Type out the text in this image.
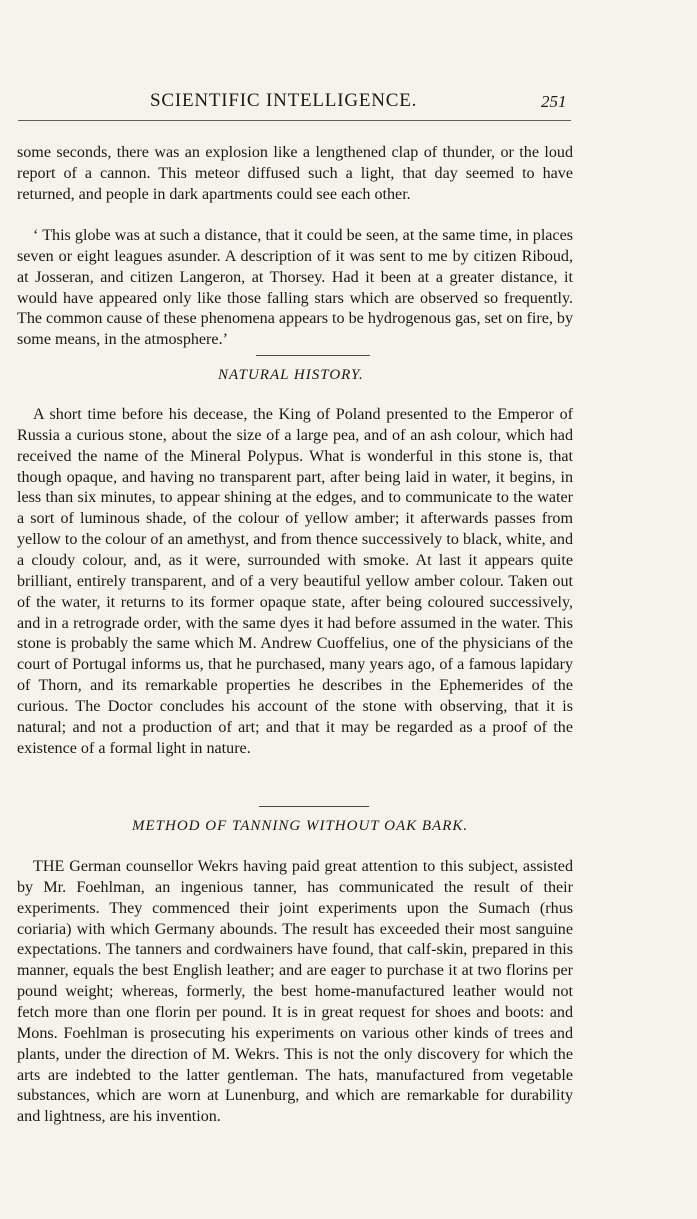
SCIENTIFIC INTELLIGENCE.	251

some seconds, there was an explosion like a lengthened clap of thunder, or the loud report of a cannon. This meteor diffused such a light, that day seemed to have returned, and people in dark apartments could see each other.

‘ This globe was at such a distance, that it could be seen, at the same time, in places seven or eight leagues asunder. A description of it was sent to me by citizen Riboud, at Josseran, and citizen Langeron, at Thorsey. Had it been at a greater distance, it would have appeared only like those falling stars which are observed so frequently. The common cause of these phenomena appears to be hydrogenous gas, set on fire, by some means, in the atmosphere.’

NATURAL HISTORY.

A short time before his decease, the King of Poland presented to the Emperor of Russia a curious stone, about the size of a large pea, and of an ash colour, which had received the name of the Mineral Polypus. What is wonderful in this stone is, that though opaque, and having no transparent part, after being laid in water, it begins, in less than six minutes, to appear shining at the edges, and to communicate to the water a sort of luminous shade, of the colour of yellow amber; it afterwards passes from yellow to the colour of an amethyst, and from thence successively to black, white, and a cloudy colour, and, as it were, surrounded with smoke. At last it appears quite brilliant, entirely transparent, and of a very beautiful yellow amber colour. Taken out of the water, it returns to its former opaque state, after being coloured successively, and in a retrograde order, with the same dyes it had before assumed in the water. This stone is probably the same which M. Andrew Cuoffelius, one of the physicians of the court of Portugal informs us, that he purchased, many years ago, of a famous lapidary of Thorn, and its remarkable properties he describes in the Ephemerides of the curious. The Doctor concludes his account of the stone with observing, that it is natural; and not a production of art; and that it may be regarded as a proof of the existence of a formal light in nature.

METHOD OF TANNING WITHOUT OAK BARK.

THE German counsellor Wekrs having paid great attention to this subject, assisted by Mr. Foehlman, an ingenious tanner, has communicated the result of their experiments. They commenced their joint experiments upon the Sumach (rhus coriaria) with which Germany abounds. The result has exceeded their most sanguine expectations. The tanners and cordwainers have found, that calf-skin, prepared in this manner, equals the best English leather; and are eager to purchase it at two florins per pound weight; whereas, formerly, the best home-manufactured leather would not fetch more than one florin per pound. It is in great request for shoes and boots: and Mons. Foehlman is prosecuting his experiments on various other kinds of trees and plants, under the direction of M. Wekrs. This is not the only discovery for which the arts are indebted to the latter gentleman. The hats, manufactured from vegetable substances, which are worn at Lunenburg, and which are remarkable for durability and lightness, are his invention.
